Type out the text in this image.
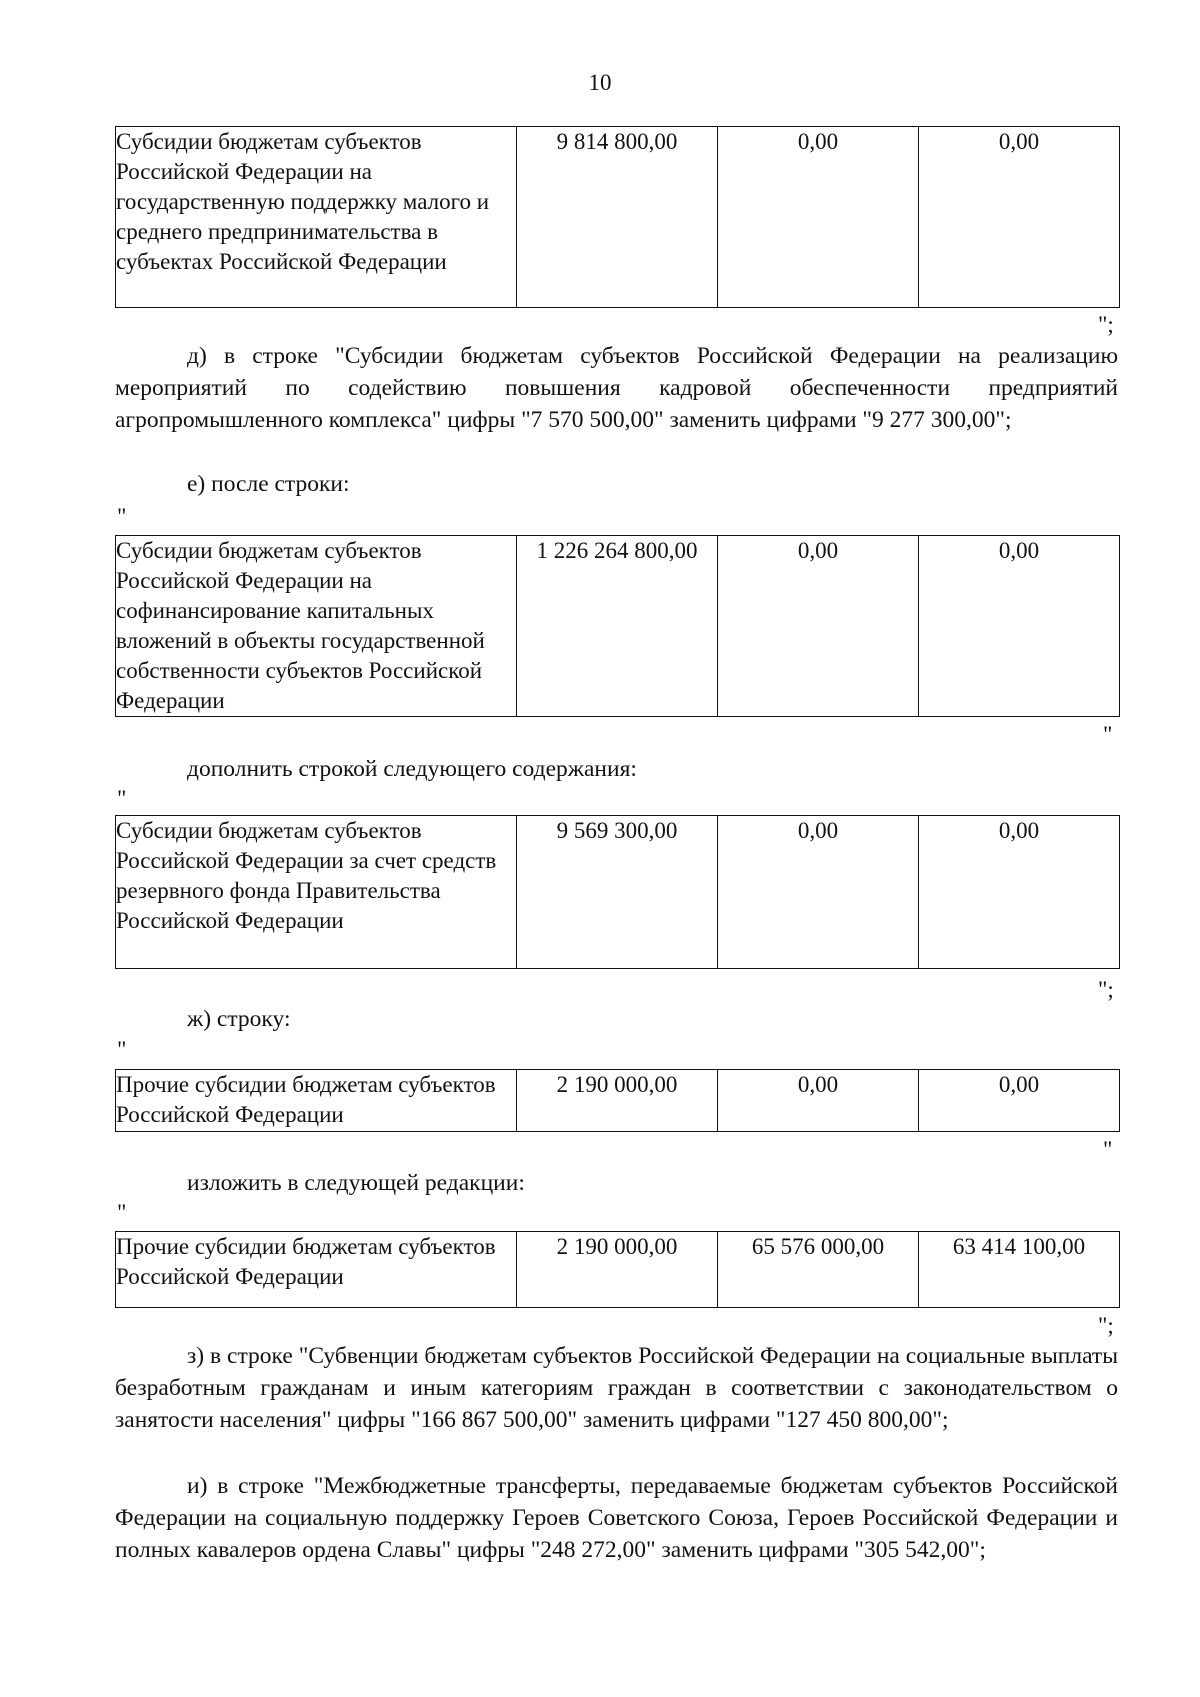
10
Субсидии бюджетам субъектов Российской Федерации на государственную поддержку малого и среднего предпринимательства в субъектах Российской Федерации	9 814 800,00	0,00	0,00
";
д) в строке "Субсидии бюджетам субъектов Российской Федерации на реализацию мероприятий по содействию повышения кадровой обеспеченности предприятий агропромышленного комплекса" цифры "7 570 500,00" заменить цифрами "9 277 300,00";
е) после строки:
"
Субсидии бюджетам субъектов Российской Федерации на софинансирование капитальных вложений в объекты государственной собственности субъектов Российской Федерации	1 226 264 800,00	0,00	0,00
"
дополнить строкой следующего содержания:
"
Субсидии бюджетам субъектов Российской Федерации за счет средств резервного фонда Правительства Российской Федерации	9 569 300,00	0,00	0,00
";
ж) строку:
"
Прочие субсидии бюджетам субъектов Российской Федерации	2 190 000,00	0,00	0,00
"
изложить в следующей редакции:
"
Прочие субсидии бюджетам субъектов Российской Федерации	2 190 000,00	65 576 000,00	63 414 100,00
";
з) в строке "Субвенции бюджетам субъектов Российской Федерации на социальные выплаты безработным гражданам и иным категориям граждан в соответствии с законодательством о занятости населения" цифры "166 867 500,00" заменить цифрами "127 450 800,00";
и) в строке "Межбюджетные трансферты, передаваемые бюджетам субъектов Российской Федерации на социальную поддержку Героев Советского Союза, Героев Российской Федерации и полных кавалеров ордена Славы" цифры "248 272,00" заменить цифрами "305 542,00";
